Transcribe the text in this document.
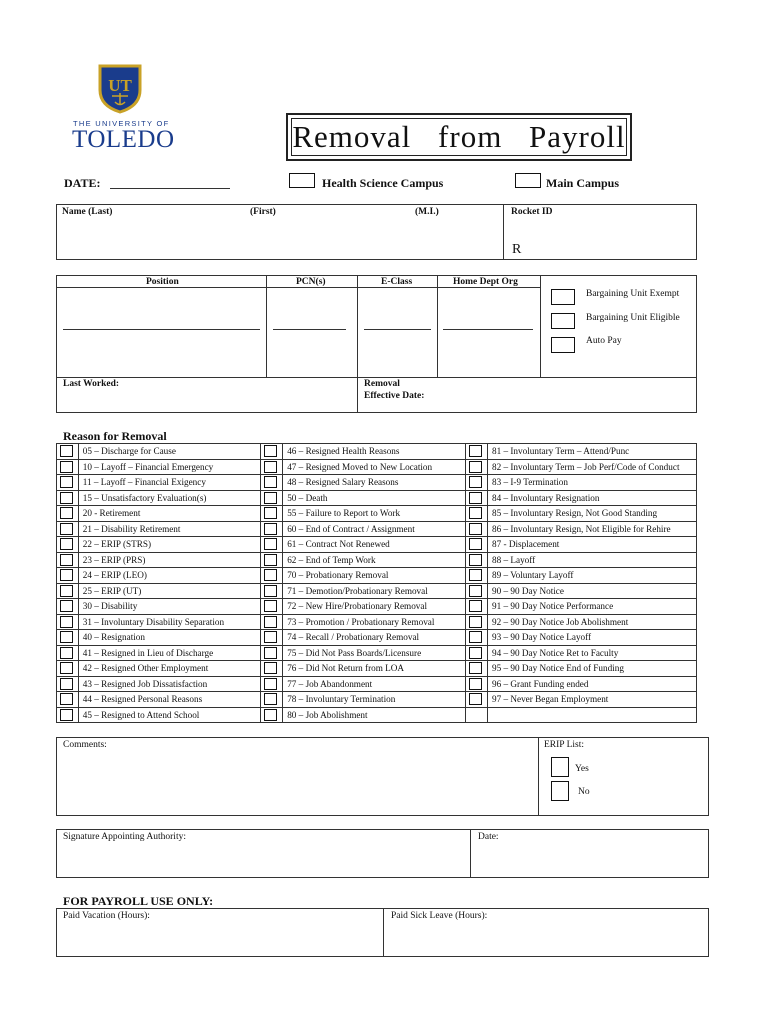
UT
THE UNIVERSITY OF
TOLEDO	Removal from Payroll
DATE:	Health Science Campus	Main Campus
Name (Last)	(First)	(M.I.)	Rocket ID
R
Position	PCN(s)	E-Class	Home Dept Org
Bargaining Unit Exempt
Bargaining Unit Eligible
Auto Pay
Last Worked:	Removal
Effective Date:
Reason for Removal
	05 – Discharge for Cause		46 – Resigned Health Reasons		81 – Involuntary Term – Attend/Punc

	10 – Layoff – Financial Emergency		47 – Resigned Moved to New Location		82 – Involuntary Term – Job Perf/Code of Conduct

	11 – Layoff – Financial Exigency		48 – Resigned Salary Reasons		83 – I-9 Termination

	15 – Unsatisfactory Evaluation(s)		50 – Death		84 – Involuntary Resignation

	20 - Retirement		55 – Failure to Report to Work		85 – Involuntary Resign, Not Good Standing

	21 – Disability Retirement		60 – End of Contract / Assignment		86 – Involuntary Resign, Not Eligible for Rehire

	22 – ERIP (STRS)		61 – Contract Not Renewed		87 - Displacement

	23 – ERIP (PRS)		62 – End of Temp Work		88 – Layoff

	24 – ERIP (LEO)		70 – Probationary Removal		89 – Voluntary Layoff

	25 – ERIP (UT)		71 – Demotion/Probationary Removal		90 – 90 Day Notice

	30 – Disability		72 – New Hire/Probationary Removal		91 – 90 Day Notice Performance

	31 – Involuntary Disability Separation		73 – Promotion / Probationary Removal		92 – 90 Day Notice Job Abolishment

	40 – Resignation		74 – Recall / Probationary Removal		93 – 90 Day Notice Layoff

	41 – Resigned in Lieu of Discharge		75 – Did Not Pass Boards/Licensure		94 – 90 Day Notice Ret to Faculty

	42 – Resigned Other Employment		76 – Did Not Return from LOA		95 – 90 Day Notice End of Funding

	43 – Resigned Job Dissatisfaction		77 – Job Abandonment		96 – Grant Funding ended

	44 – Resigned Personal Reasons		78 – Involuntary Termination		97 – Never Began Employment

	45 – Resigned to Attend School		80 – Job Abolishment		
Comments:	ERIP List:
Yes
No
Signature Appointing Authority:	Date:
FOR PAYROLL USE ONLY:
Paid Vacation (Hours):	Paid Sick Leave (Hours):
